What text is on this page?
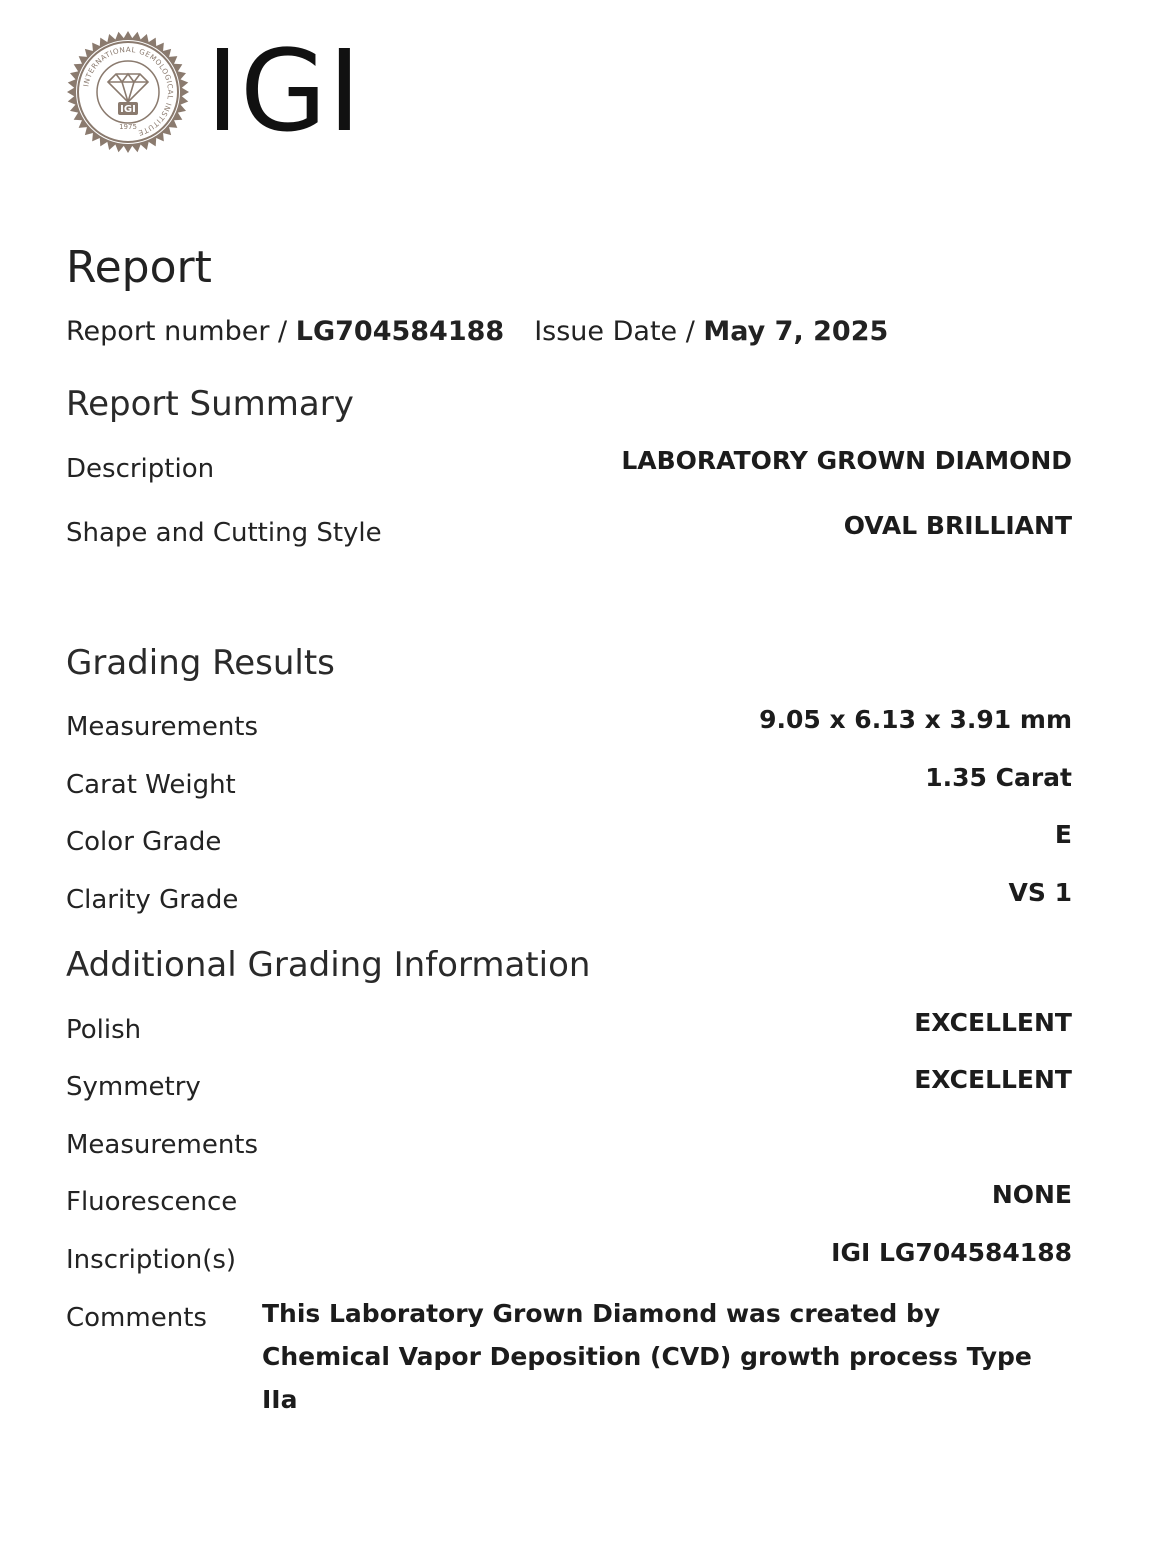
INTERNATIONAL GEMOLOGICAL INSTITUTE
IGI
1975 IGI
Report
Report number / LG704584188 Issue Date / May 7, 2025
Report Summary
Description	LABORATORY GROWN DIAMOND
Shape and Cutting Style	OVAL BRILLIANT
Grading Results
Measurements	9.05 x 6.13 x 3.91 mm
Carat Weight	1.35 Carat
Color Grade	E
Clarity Grade	VS 1
Additional Grading Information
Polish	EXCELLENT
Symmetry	EXCELLENT
Measurements
Fluorescence	NONE
Inscription(s)	IGI LG704584188
Comments This Laboratory Grown Diamond was created by Chemical Vapor Deposition (CVD) growth process Type IIa
